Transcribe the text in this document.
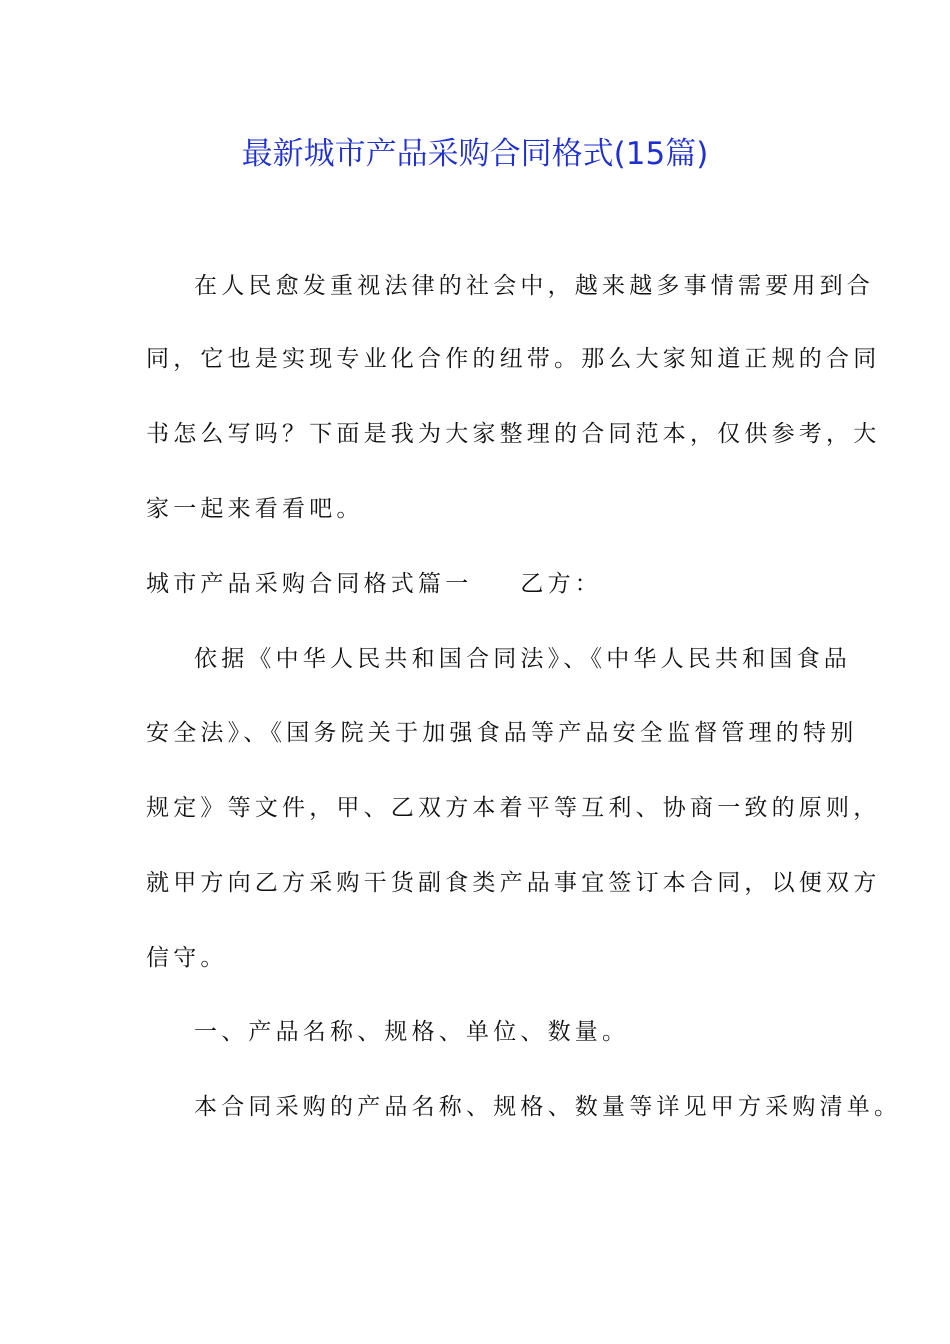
最新城市产品采购合同格式(15篇)
在人民愈发重视法律的社会中，越来越多事情需要用到合
同，它也是实现专业化合作的纽带。那么大家知道正规的合同
书怎么写吗？下面是我为大家整理的合同范本，仅供参考，大
家一起来看看吧。
城市产品采购合同格式篇一 乙方：
依据《中华人民共和国合同法》、《中华人民共和国食品
安全法》、《国务院关于加强食品等产品安全监督管理的特别
规定》等文件，甲、乙双方本着平等互利、协商一致的原则，
就甲方向乙方采购干货副食类产品事宜签订本合同，以便双方
信守。
一、产品名称、规格、单位、数量。
本合同采购的产品名称、规格、数量等详见甲方采购清单。
